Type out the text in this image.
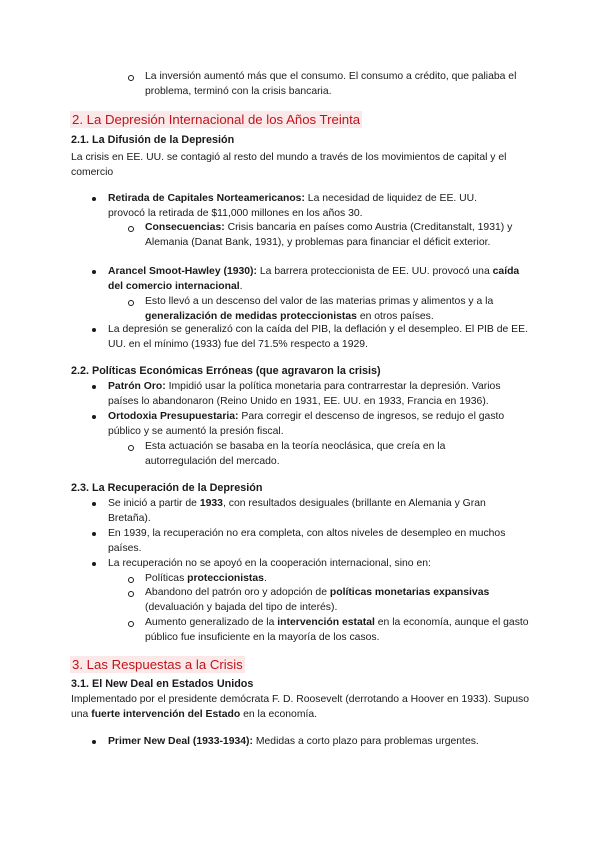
La inversión aumentó más que el consumo. El consumo a crédito, que paliaba el problema, terminó con la crisis bancaria.

2. La Depresión Internacional de los Años Treinta

2.1. La Difusión de la Depresión

La crisis en EE. UU. se contagió al resto del mundo a través de los movimientos de capital y el comercio

Retirada de Capitales Norteamericanos: La necesidad de liquidez de EE. UU. provocó la retirada de $11,000 millones en los años 30.

Consecuencias: Crisis bancaria en países como Austria (Creditanstalt, 1931) y Alemania (Danat Bank, 1931), y problemas para financiar el déficit exterior.

Arancel Smoot-Hawley (1930): La barrera proteccionista de EE. UU. provocó una caída del comercio internacional.

Esto llevó a un descenso del valor de las materias primas y alimentos y a la generalización de medidas proteccionistas en otros países.

La depresión se generalizó con la caída del PIB, la deflación y el desempleo. El PIB de EE. UU. en el mínimo (1933) fue del 71.5% respecto a 1929.

2.2. Políticas Económicas Erróneas (que agravaron la crisis)

Patrón Oro: Impidió usar la política monetaria para contrarrestar la depresión. Varios países lo abandonaron (Reino Unido en 1931, EE. UU. en 1933, Francia en 1936).

Ortodoxia Presupuestaria: Para corregir el descenso de ingresos, se redujo el gasto público y se aumentó la presión fiscal.

Esta actuación se basaba en la teoría neoclásica, que creía en la autorregulación del mercado.

2.3. La Recuperación de la Depresión

Se inició a partir de 1933, con resultados desiguales (brillante en Alemania y Gran Bretaña).

En 1939, la recuperación no era completa, con altos niveles de desempleo en muchos países.

La recuperación no se apoyó en la cooperación internacional, sino en:

Políticas proteccionistas.

Abandono del patrón oro y adopción de políticas monetarias expansivas (devaluación y bajada del tipo de interés).

Aumento generalizado de la intervención estatal en la economía, aunque el gasto público fue insuficiente en la mayoría de los casos.

3. Las Respuestas a la Crisis

3.1. El New Deal en Estados Unidos

Implementado por el presidente demócrata F. D. Roosevelt (derrotando a Hoover en 1933). Supuso una fuerte intervención del Estado en la economía.

Primer New Deal (1933-1934): Medidas a corto plazo para problemas urgentes.
